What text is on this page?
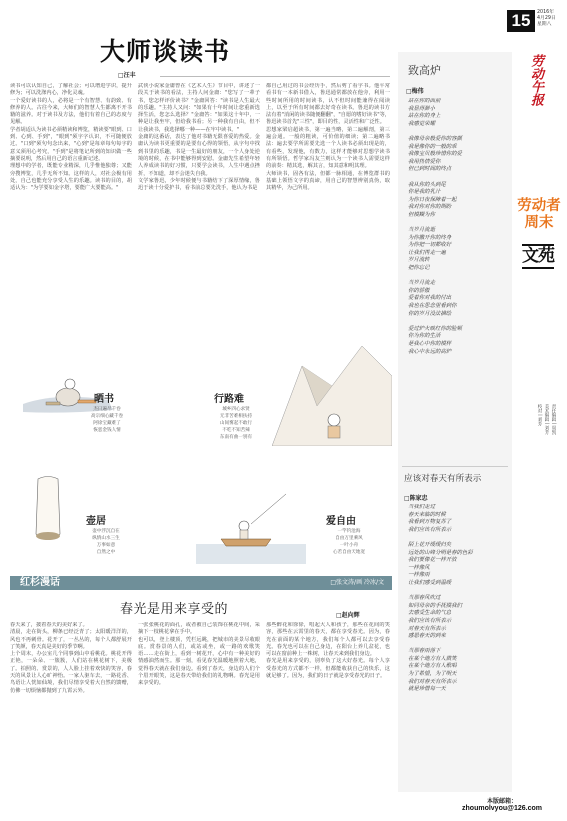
15	2016年
4月29日
星期八
劳动午报
劳动者
周末
文苑

责任编辑 | 周凯
美术编辑 | 刘芳
校对 | 刘芳

大师谈读书
□汪丰
读书可以认知自己，了解社会；可以增进学识，提升修为；可以洗涤内心，净化灵魂。
一个爱好读书的人，必将是一个有智慧、有韵致、有修养的人。古往今来，大师们的智慧人生都离不开书籍的滋养。对于读书及方法，他们有着自己的态度与见解。
学者胡适认为读书必须精读和博览，精读要"眼到、口到、心到、手到"，"眼到"须字字认识，不可随便放过。"口到"须句句念出来，"心到"是每章每句每字的意义须用心考究，"手到"是将笔记所到的知识做一些摘要说明，然后用自己的语言重新记述。
理想中的学者，既能专业精深，几乎惟他独尊；又能旁搜博览，几乎无所不知。这样的人，对社会极有用处，自己也能充分享受人生的乐趣。读书的目的，胡适认为："为学要如金字塔，要能广大要能高。"
武侠小说家金庸曾在《艺术人生》节目中，讲述了一段关于读书的看法，主持人问金庸："您写了一辈子书，您怎样评价读书？"金庸回答："读书是人生最大的乐趣。"主持人又问："如果有十年时间让您重新选择生活，您怎么选择？"金庸答："如果这十年中，一种是让我坐牢，但给我书看；另一种我有自由，但不让我读书，我选择哪一种——在牢中读书。"
金庸的这番话，表达了他对书籍无限喜爱的热爱。金庸认为读书更重要的是要有心得的领悟，从字句中找到书里的乐趣，书是一生最好的朋友，一个人身处逆境的时候，在书中能够得到安慰。金庸先生希望年轻人养成读书的好习惯，只要学会读书，人生中遇点挫折，不知道，却不会迷失自我。
文学家鲁迅，少年时候便与书籍结下了深厚情缘，鲁迅于读十分爱护书，看书前总要先洗手，他认为书是
都自己用过的书会经历手，然后剪了看字书。他平常看书有一本新书借入，鲁迅通常都放在他旁，利用一些时间所用的时间读书，认不但时间能兼得在阅读上，以至于所有时间都去好奇在读书。鲁迅的读书方法有着"消闲的读书随便翻翻"，"自愿的嗜好读书"等，鲁迅读书首先"三性"，即目的性，灵活性和广泛性。
思想家梁启超读书，第一遍当略，第二遍解剖，第三遍会通。一般的粗读，可价值的细读；第二遍略书法：遍去要学所需要先选一个人读书必须出现是的，有看些，发现他，有数力，这样才能够对思想学读书有所领悟。哲学家冯友兰则认为一个读书人需要这样的前奏：精其选，解其言，知其意和明其理。
大师读书，固各有法，但都一脉相通，在博览群书的基础上领悟文字的真谛，用自己的智慧辨别真伪，取其精华，为己所用。
晒书
杰日遍尽千卷
高宗细心藏千卷
阿徐宝藏难了
恢恶金钱人情
行路难
城乡四心求贤
无非苦难相扶持
山间雾起不敢行
不吃不知苦辣
东南有曲一别有
壶居
壶中浮沉自在
纵情山水三生
万事如意
自然之中
爱自由
一竿钓沧海
自由万里乘风
一叶小舟
心若自由天地宽
红杉漫话	□张文涛/画 冷冰/文
春光是用来享受的	□赵向辉
春天来了，披着春天的美好来了。
清晨，走在街头，柳条已经泛青了；太阳暖洋洋的，风也不再刺骨。花开了，一丛丛的，每个人都舒展开了笑颜，春天真是美好的季节啊。
上个周末，办公室几个同事到山中看桃花。桃花开得正艳，一朵朵、一簇簇，人们站在桃花树下，美极了。拍照的、赏景的，人人脸上挂着欢快的笑容，春天的风景让人心旷神怡。一家人驱车去，一路花香、鸟语让人恍如仙境，我们尽情享受着大自然的馈赠，仿佛一切烦恼都抛到了九霄云外。
一张张桃花的面孔，或者被自己装饰在桃花中间，采摘下一枝桃花拿在手中。
也可以，登上楼顶，凭栏远眺，把城市的美景尽收眼底。赏春景的人们，或站或坐，或一路的欢歌笑语……走在街上，看到一树花开，心中有一种美好的情感油然而生。那一刻，看见春光温暖地照着大地，觉得春天就在我们身边。看到了春天，身边的人们个个眉开眼笑，这是春天带给我们的礼物啊。春光是用来享受的。
那些醉花和徐徐，唱起大人和孩子，那些在花间的笑容，那些在云霄里的春天，都在享受春光。因为，春光在前面的某个地方，我们每个人都可以去享受春光。春光也可以在自己身边，在阳台上养几盆花，也可以在窗前种上一株树，让春天来到我们身边。
春光是用来享受的，别辜负了这大好春光。每个人享受春光的方式都不一样，但都能收获自己的快乐，这就足够了。因为，我们的日子就是享受春光的日子。
致高炉
□梅伟
站在你的面前
我显得渺小
站在你的身上
我感觉荣耀

我像母亲般爱你的容颜
我是像你的一般的乖
我像宝贝般珍惜你的爱
我用热情爱你
但已到时间的终点

我从你的头到尾
你是我的乳汁
为你日夜保障着一起
我对你对你的期盼
但模糊为你

当岁月流逝
为你撒开你的终身
为你把一切都收好
让我们再走一遍
岁月流转
把你忘记

当岁月流走
你的骄傲
爱着你对我的付出
我也在思念里看到你
你的岁月没法描绘

爱过炉火映红你的脸颊
你为你的生活
是我心中你的模样
我心中永远的高炉
应该对春天有所表示
□陈家忠
当我们走过
春天来临的时候
我看到万物复苏了
我们应该有所表示

陌上花开缓缓归矣
远处的山峰分明是春的色彩
我们要像花一样开放
一样像风
一样像雨
让我们感受到温暖

当那春风吹过
如同母亲的手抚摸我们
去感受生命的气息
我们应该有所表示
对春天有所表示
感恩春天的到来

当那春雨落下
在某个地方有人微笑
在某个地方有人歌唱
为了希望，为了明天
我们对春天有所表示
就是珍惜每一天
本版邮箱：
zhoumolvyou@126.com
